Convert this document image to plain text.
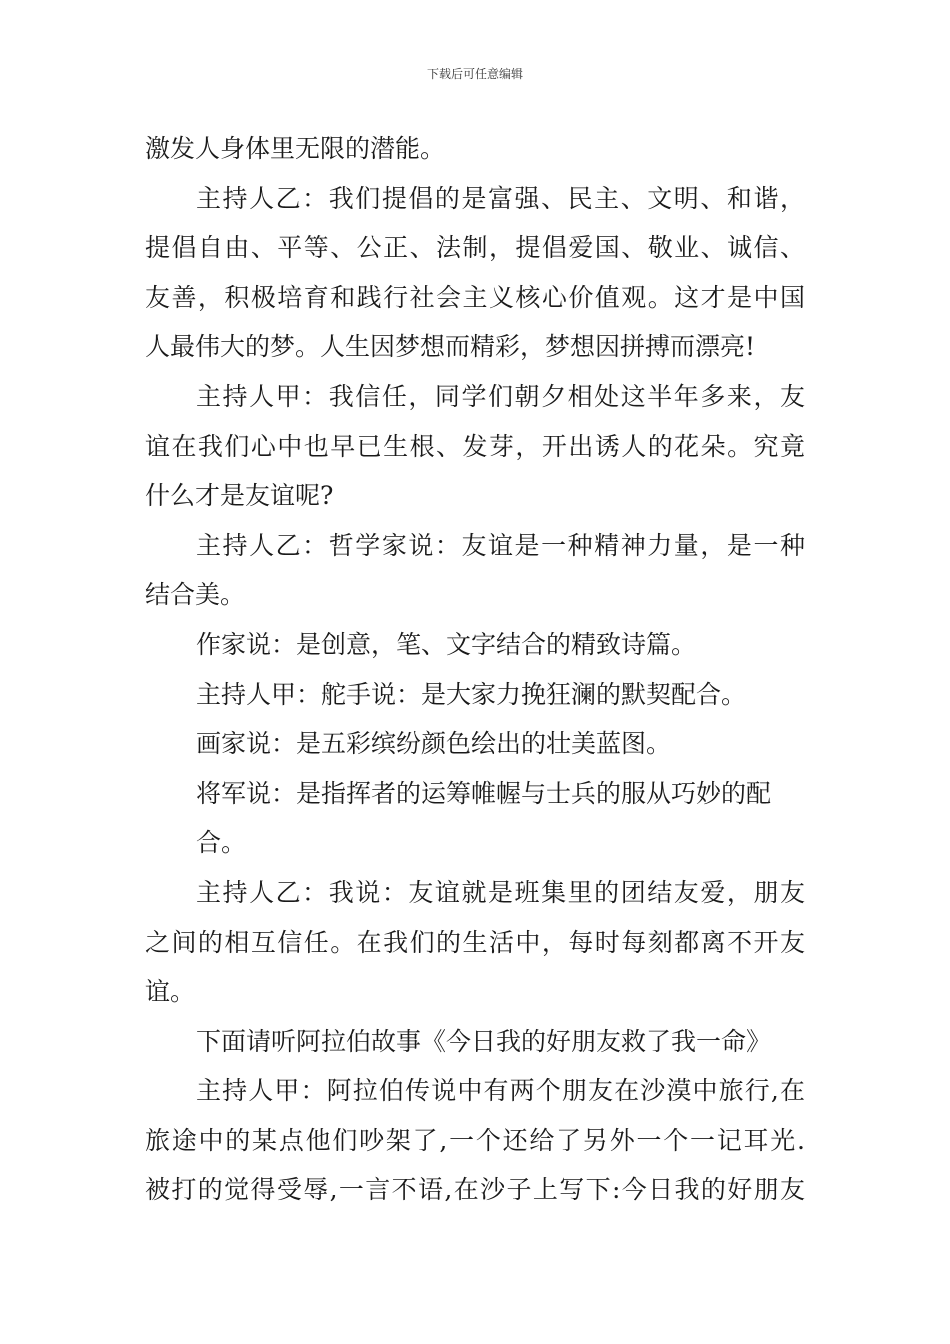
下载后可任意编辑
激发人身体里无限的潜能。
主持人乙：我们提倡的是富强、民主、文明、和谐，
提倡自由、平等、公正、法制，提倡爱国、敬业、诚信、
友善，积极培育和践行社会主义核心价值观。这才是中国
人最伟大的梦。人生因梦想而精彩，梦想因拼搏而漂亮!
主持人甲：我信任，同学们朝夕相处这半年多来，友
谊在我们心中也早已生根、发芽，开出诱人的花朵。究竟
什么才是友谊呢?
主持人乙：哲学家说：友谊是一种精神力量，是一种
结合美。
作家说：是创意，笔、文字结合的精致诗篇。
主持人甲：舵手说：是大家力挽狂澜的默契配合。
画家说：是五彩缤纷颜色绘出的壮美蓝图。
将军说：是指挥者的运筹帷幄与士兵的服从巧妙的配
合。
主持人乙：我说：友谊就是班集里的团结友爱，朋友
之间的相互信任。在我们的生活中，每时每刻都离不开友
谊。
下面请听阿拉伯故事《今日我的好朋友救了我一命》
主持人甲：阿拉伯传说中有两个朋友在沙漠中旅行,在
旅途中的某点他们吵架了,一个还给了另外一个一记耳光.
被打的觉得受辱,一言不语,在沙子上写下:今日我的好朋友
